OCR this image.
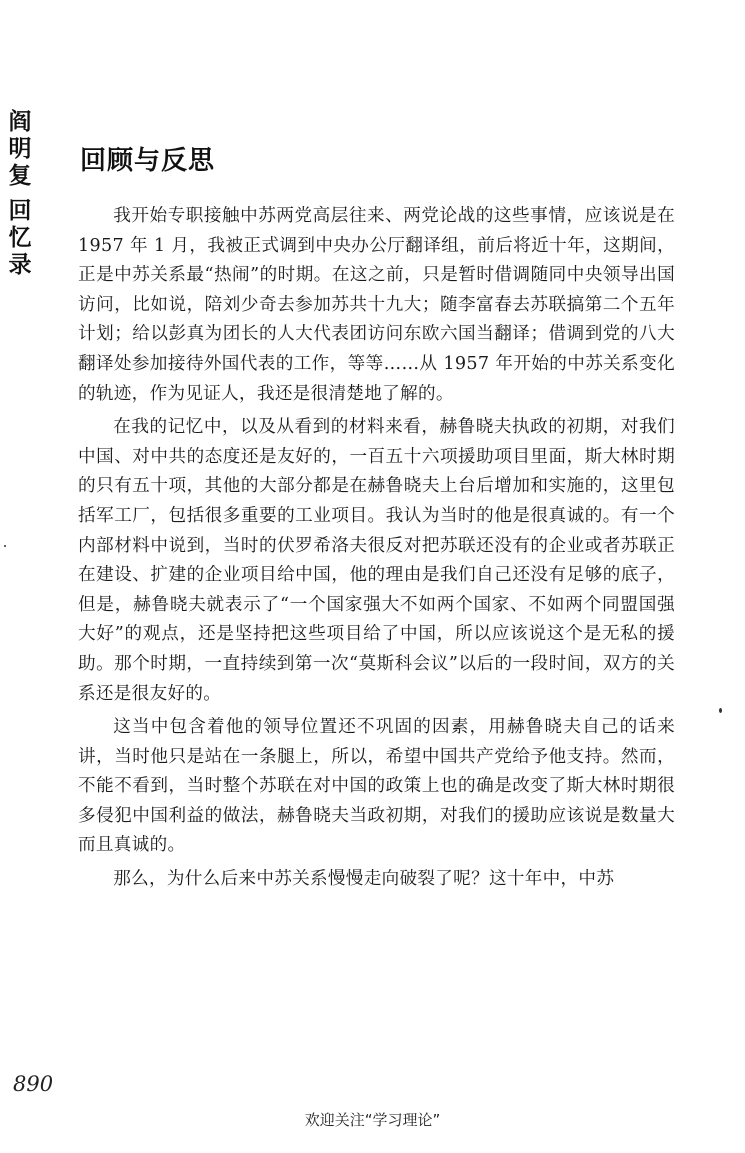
阎
明
复
回
忆
录
回顾与反思

我开始专职接触中苏两党高层往来、两党论战的这些事情，应该说是在 1957 年 1 月，我被正式调到中央办公厅翻译组，前后将近十年，这期间，正是中苏关系最“热闹”的时期。在这之前，只是暂时借调随同中央领导出国访问，比如说，陪刘少奇去参加苏共十九大；随李富春去苏联搞第二个五年计划；给以彭真为团长的人大代表团访问东欧六国当翻译；借调到党的八大翻译处参加接待外国代表的工作，等等……从 1957 年开始的中苏关系变化的轨迹，作为见证人，我还是很清楚地了解的。

在我的记忆中，以及从看到的材料来看，赫鲁晓夫执政的初期，对我们中国、对中共的态度还是友好的，一百五十六项援助项目里面，斯大林时期的只有五十项，其他的大部分都是在赫鲁晓夫上台后增加和实施的，这里包括军工厂，包括很多重要的工业项目。我认为当时的他是很真诚的。有一个内部材料中说到，当时的伏罗希洛夫很反对把苏联还没有的企业或者苏联正在建设、扩建的企业项目给中国，他的理由是我们自己还没有足够的底子，但是，赫鲁晓夫就表示了“一个国家强大不如两个国家、不如两个同盟国强大好”的观点，还是坚持把这些项目给了中国，所以应该说这个是无私的援助。那个时期，一直持续到第一次“莫斯科会议”以后的一段时间，双方的关系还是很友好的。

这当中包含着他的领导位置还不巩固的因素，用赫鲁晓夫自己的话来讲，当时他只是站在一条腿上，所以，希望中国共产党给予他支持。然而，不能不看到，当时整个苏联在对中国的政策上也的确是改变了斯大林时期很多侵犯中国利益的做法，赫鲁晓夫当政初期，对我们的援助应该说是数量大而且真诚的。

那么，为什么后来中苏关系慢慢走向破裂了呢？这十年中，中苏

890
欢迎关注“学习理论”
